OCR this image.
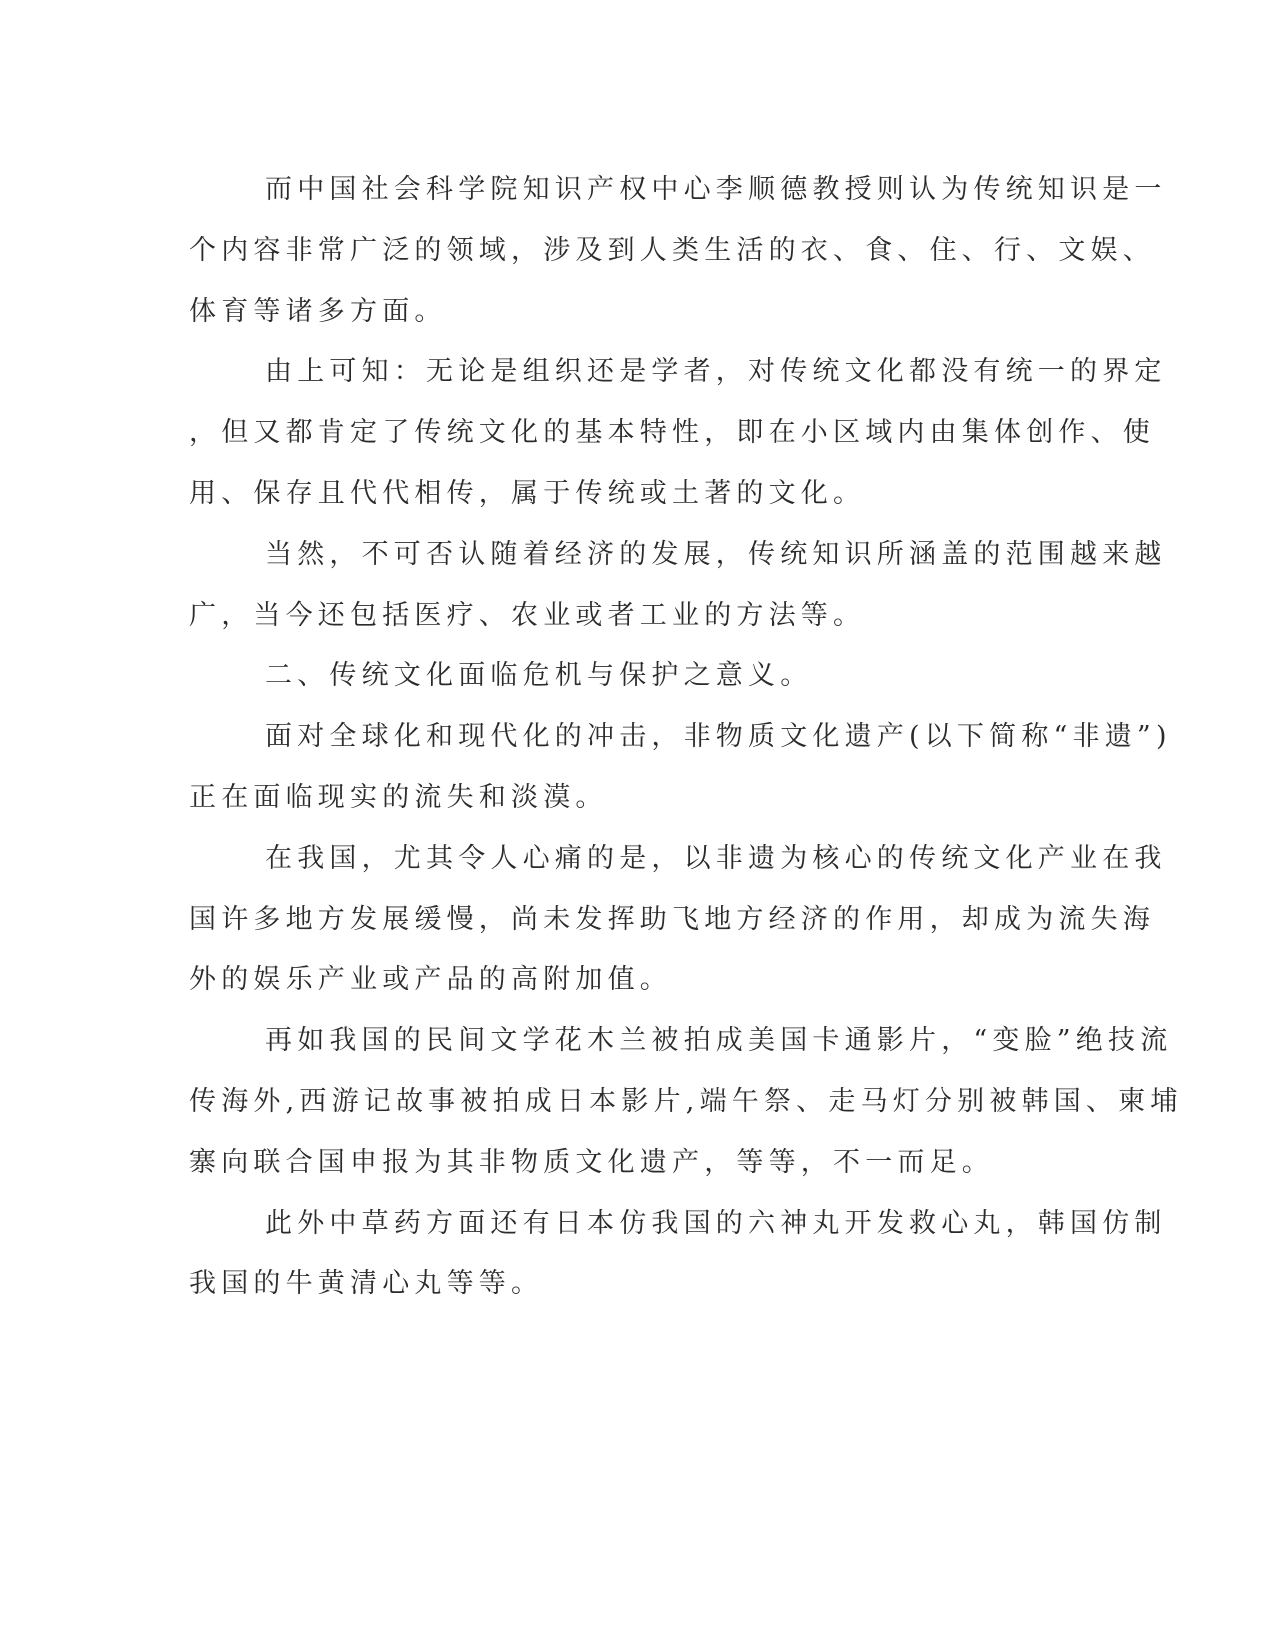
而中国社会科学院知识产权中心李顺德教授则认为传统知识是一
个内容非常广泛的领域，涉及到人类生活的衣、食、住、行、文娱、
体育等诸多方面。

由上可知：无论是组织还是学者，对传统文化都没有统一的界定
，但又都肯定了传统文化的基本特性，即在小区域内由集体创作、使
用、保存且代代相传，属于传统或土著的文化。

当然，不可否认随着经济的发展，传统知识所涵盖的范围越来越
广，当今还包括医疗、农业或者工业的方法等。

二、传统文化面临危机与保护之意义。

面对全球化和现代化的冲击，非物质文化遗产(以下简称“非遗”)
正在面临现实的流失和淡漠。

在我国，尤其令人心痛的是，以非遗为核心的传统文化产业在我
国许多地方发展缓慢，尚未发挥助飞地方经济的作用，却成为流失海
外的娱乐产业或产品的高附加值。

再如我国的民间文学花木兰被拍成美国卡通影片，“变脸”绝技流
传海外,西游记故事被拍成日本影片,端午祭、走马灯分别被韩国、柬埔
寨向联合国申报为其非物质文化遗产，等等，不一而足。

此外中草药方面还有日本仿我国的六神丸开发救心丸，韩国仿制
我国的牛黄清心丸等等。
